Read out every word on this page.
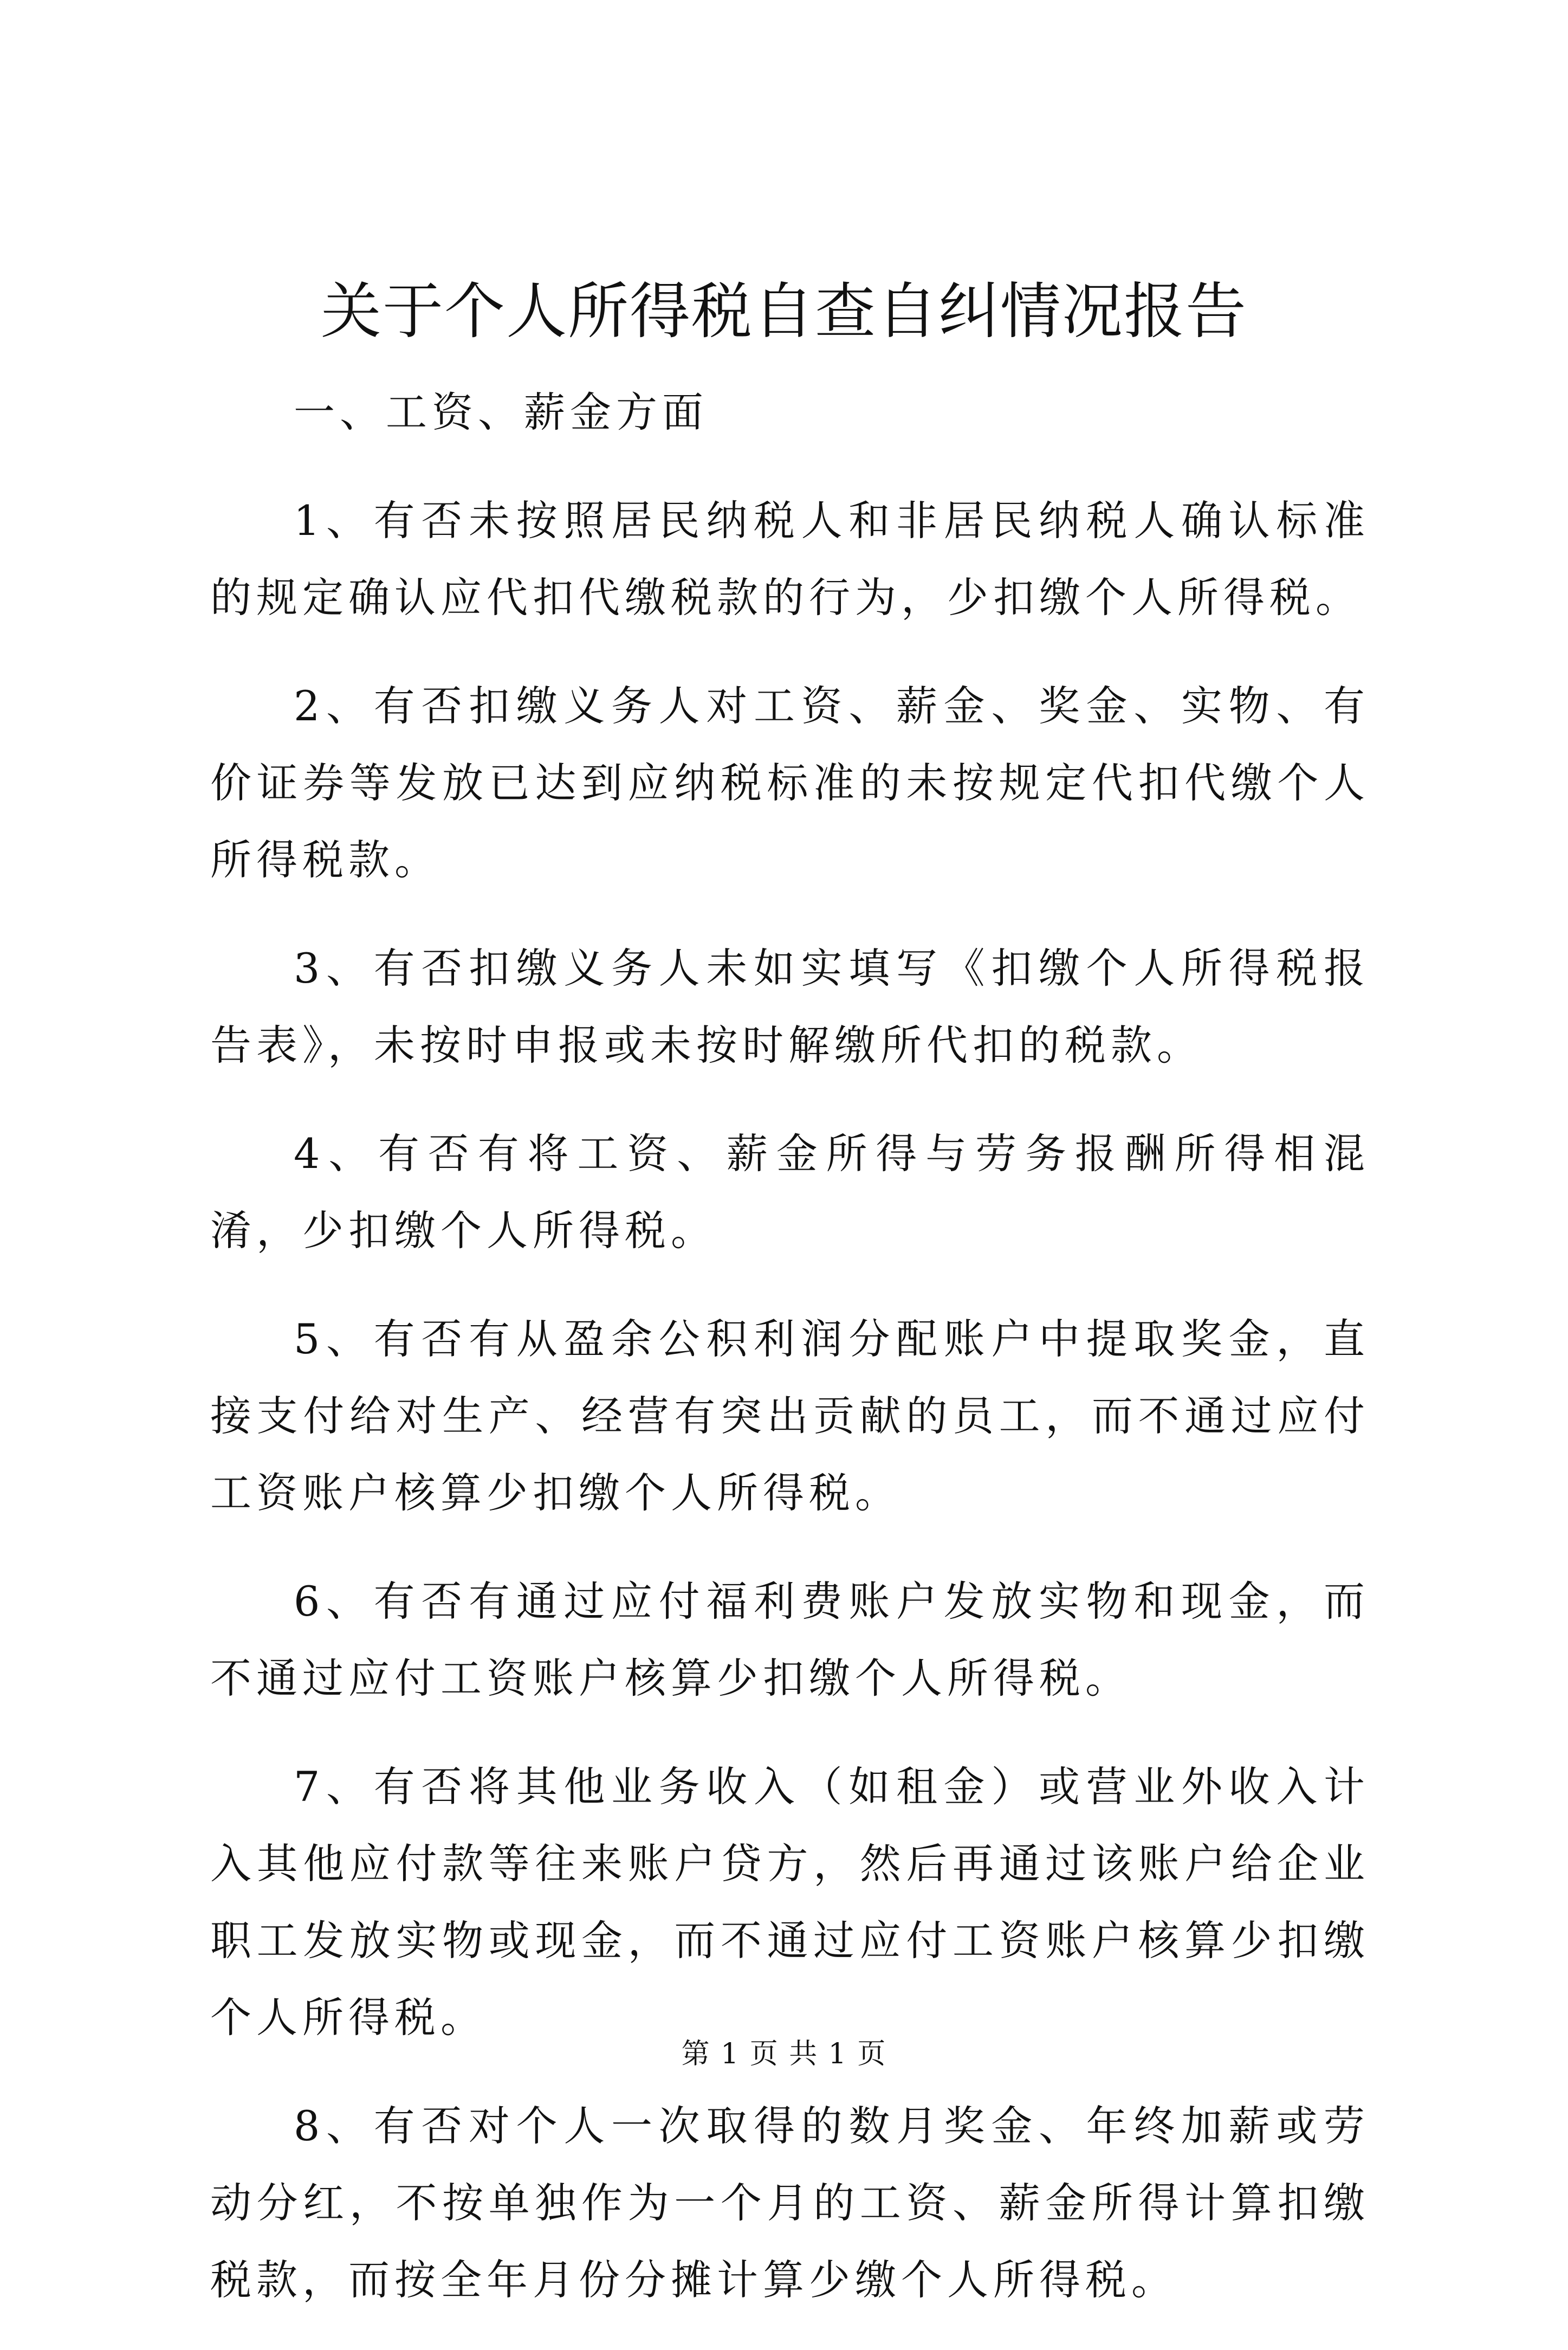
关于个人所得税自查自纠情况报告

一、工资、薪金方面

1、有否未按照居民纳税人和非居民纳税人确认标准的规定确认应代扣代缴税款的行为，少扣缴个人所得税。

2、有否扣缴义务人对工资、薪金、奖金、实物、有价证券等发放已达到应纳税标准的未按规定代扣代缴个人所得税款。

3、有否扣缴义务人未如实填写《扣缴个人所得税报告表》，未按时申报或未按时解缴所代扣的税款。

4、有否有将工资、薪金所得与劳务报酬所得相混淆，少扣缴个人所得税。

5、有否有从盈余公积利润分配账户中提取奖金，直接支付给对生产、经营有突出贡献的员工，而不通过应付工资账户核算少扣缴个人所得税。

6、有否有通过应付福利费账户发放实物和现金，而不通过应付工资账户核算少扣缴个人所得税。

7、有否将其他业务收入（如租金）或营业外收入计入其他应付款等往来账户贷方，然后再通过该账户给企业职工发放实物或现金，而不通过应付工资账户核算少扣缴个人所得税。

8、有否对个人一次取得的数月奖金、年终加薪或劳动分红，不按单独作为一个月的工资、薪金所得计算扣缴税款，而按全年月份分摊计算少缴个人所得税。

第 1 页 共 1 页
